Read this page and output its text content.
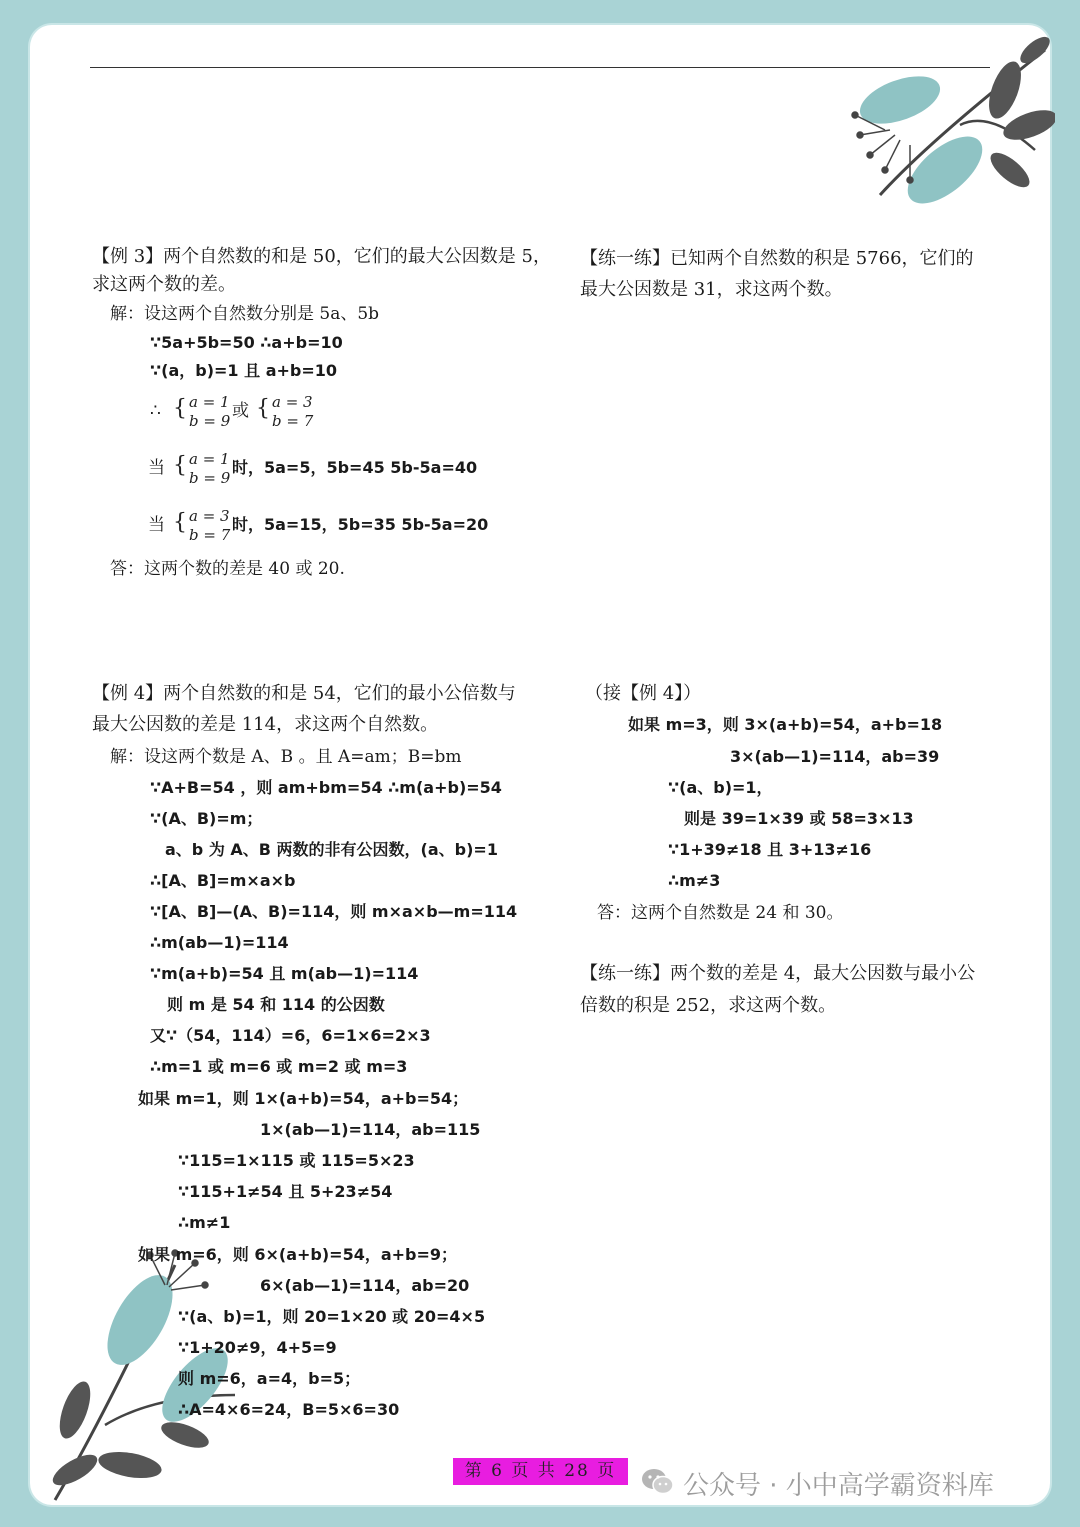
【例 3】两个自然数的和是 50，它们的最大公因数是 5，
求这两个数的差。
解：设这两个自然数分别是 5a、5b
∵5a+5b=50 ∴a+b=10
∵(a，b)=1 且 a+b=10
∴ { a = 1
b = 9 或 { a = 3
b = 7
当 { a = 1
b = 9
时，5a=5，5b=45 5b-5a=40
当 { a = 3
b = 7
时，5a=15，5b=35 5b-5a=20
答：这两个数的差是 40 或 20.
【练一练】已知两个自然数的积是 5766，它们的
最大公因数是 31，求这两个数。
【例 4】两个自然数的和是 54，它们的最小公倍数与
最大公因数的差是 114，求这两个自然数。
解：设这两个数是 A、B 。且 A=am；B=bm
∵A+B=54 ，则 am+bm=54 ∴m(a+b)=54
∵(A、B)=m；
a、b 为 A、B 两数的非有公因数，(a、b)=1
∴[A、B]=m×a×b
∵[A、B]—(A、B)=114，则 m×a×b—m=114
∴m(ab—1)=114
∵m(a+b)=54 且 m(ab—1)=114
则 m 是 54 和 114 的公因数
又∵（54，114）=6，6=1×6=2×3
∴m=1 或 m=6 或 m=2 或 m=3
如果 m=1，则 1×(a+b)=54，a+b=54；
1×(ab—1)=114，ab=115
∵115=1×115 或 115=5×23
∵115+1≠54 且 5+23≠54
∴m≠1
如果 m=6，则 6×(a+b)=54，a+b=9；
6×(ab—1)=114，ab=20
∵(a、b)=1，则 20=1×20 或 20=4×5
∵1+20≠9，4+5=9
则 m=6，a=4，b=5；
∴A=4×6=24，B=5×6=30
（接【例 4】）
如果 m=3，则 3×(a+b)=54，a+b=18
3×(ab—1)=114，ab=39
∵(a、b)=1，
则是 39=1×39 或 58=3×13
∵1+39≠18 且 3+13≠16
∴m≠3
答：这两个自然数是 24 和 30。
【练一练】两个数的差是 4，最大公因数与最小公
倍数的积是 252，求这两个数。
第 6 页 共 28 页	公众号 · 小中高学霸资料库
